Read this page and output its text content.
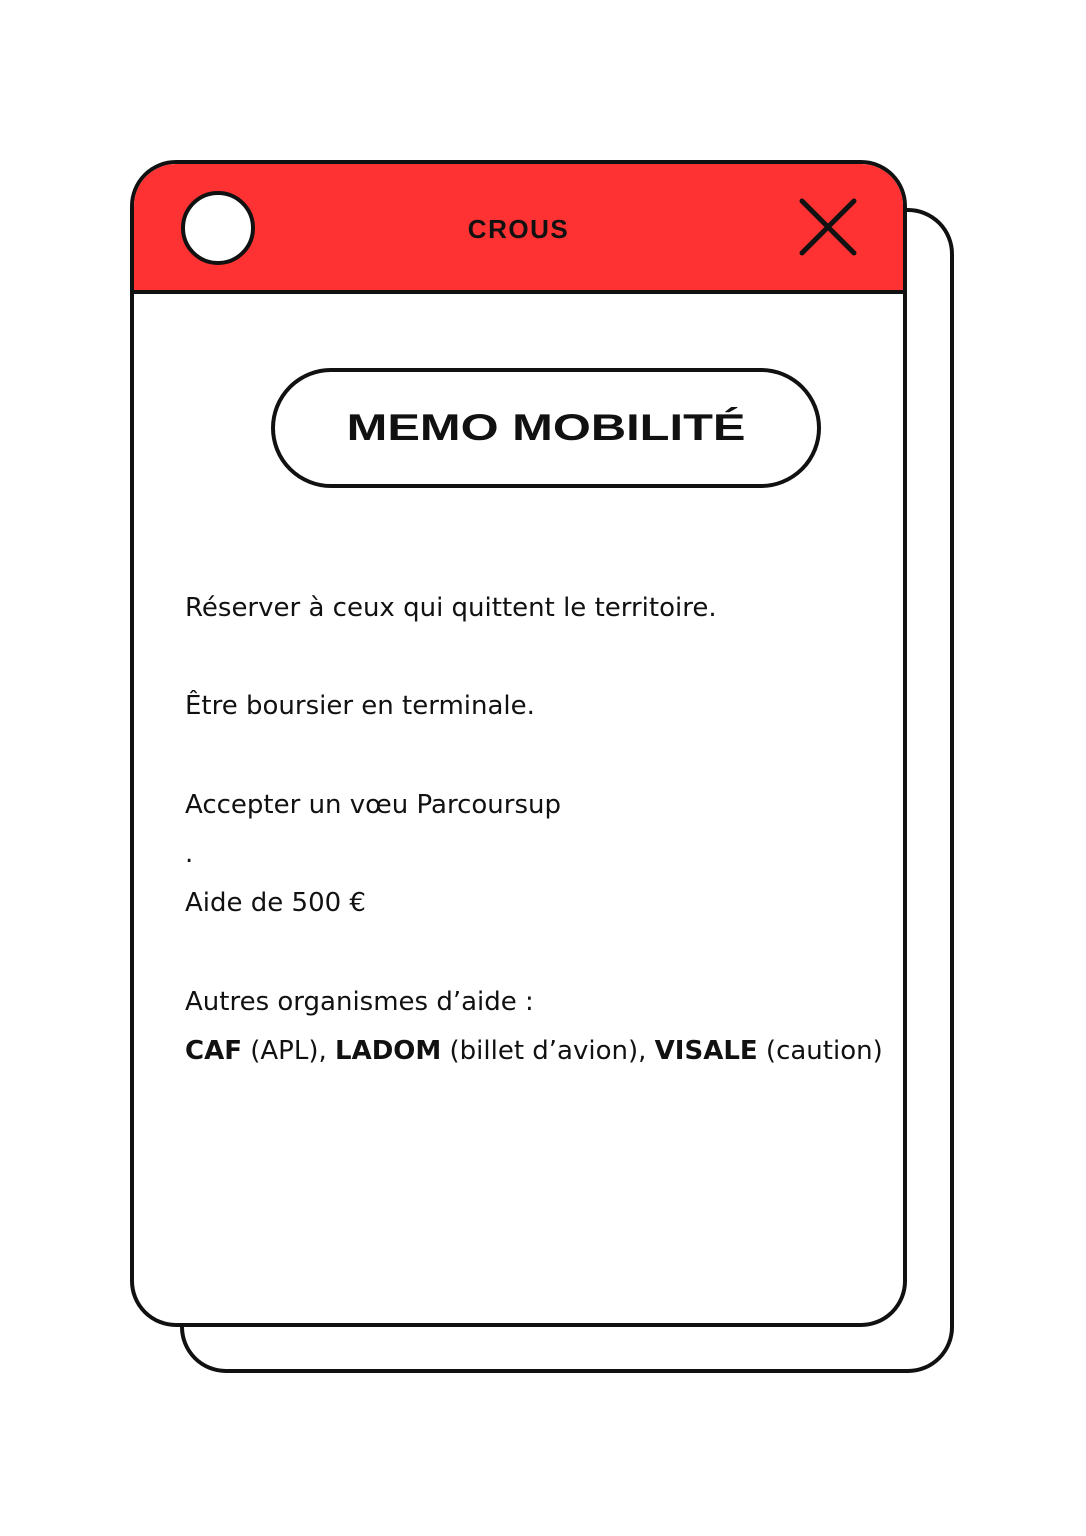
CROUS
MEMO MOBILITÉ
Réserver à ceux qui quittent le territoire.
Être boursier en terminale.
Accepter un vœu Parcoursup
.
Aide de 500 €
Autres organismes d’aide :
CAF (APL), LADOM (billet d’avion), VISALE (caution)
